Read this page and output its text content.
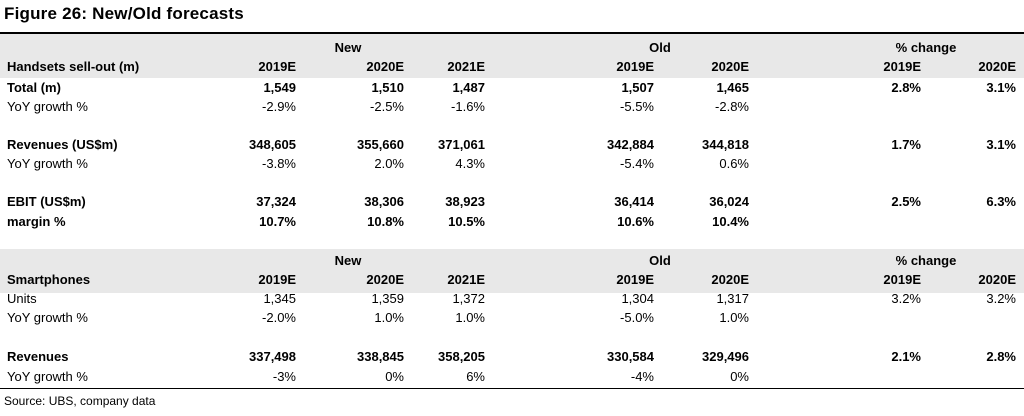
Figure 26: New/Old forecasts
New	Old	% change
Handsets sell-out (m)	2019E	2020E	2021E	2019E	2020E	2019E	2020E
Total (m)	1,549	1,510	1,487	1,507	1,465	2.8%	3.1%
YoY growth %	-2.9%	-2.5%	-1.6%	-5.5%	-2.8%
Revenues (US$m)	348,605	355,660	371,061	342,884	344,818	1.7%	3.1%
YoY growth %	-3.8%	2.0%	4.3%	-5.4%	0.6%
EBIT (US$m)	37,324	38,306	38,923	36,414	36,024	2.5%	6.3%
margin %	10.7%	10.8%	10.5%	10.6%	10.4%
New	Old	% change
Smartphones	2019E	2020E	2021E	2019E	2020E	2019E	2020E
Units	1,345	1,359	1,372	1,304	1,317	3.2%	3.2%
YoY growth %	-2.0%	1.0%	1.0%	-5.0%	1.0%
Revenues	337,498	338,845	358,205	330,584	329,496	2.1%	2.8%
YoY growth %	-3%	0%	6%	-4%	0%
Source: UBS, company data
